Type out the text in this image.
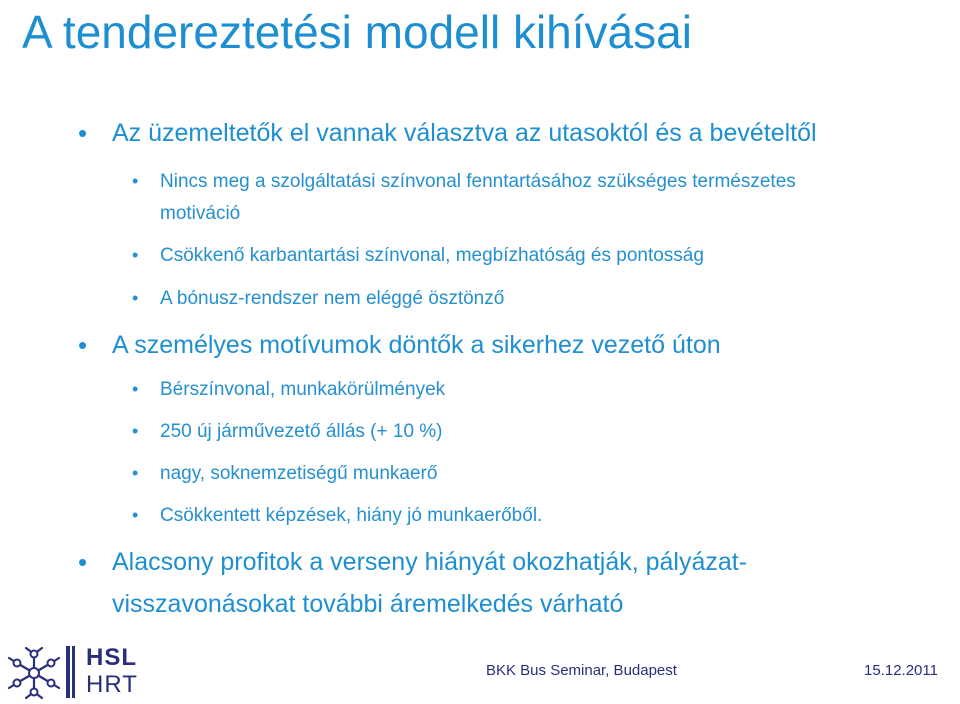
A tendereztetési modell kihívásai
• Az üzemeltetők el vannak választva az utasoktól és a bevételtől
• Nincs meg a szolgáltatási színvonal fenntartásához szükséges természetes
motiváció
• Csökkenő karbantartási színvonal, megbízhatóság és pontosság
• A bónusz-rendszer nem eléggé ösztönző
• A személyes motívumok döntők a sikerhez vezető úton
• Bérszínvonal, munkakörülmények
• 250 új járművezető állás (+ 10 %)
• nagy, soknemzetiségű munkaerő
• Csökkentett képzések, hiány jó munkaerőből.
• Alacsony profitok a verseny hiányát okozhatják, pályázat-
visszavonásokat további áremelkedés várható
HSL
HRT
BKK Bus Seminar, Budapest	15.12.2011
